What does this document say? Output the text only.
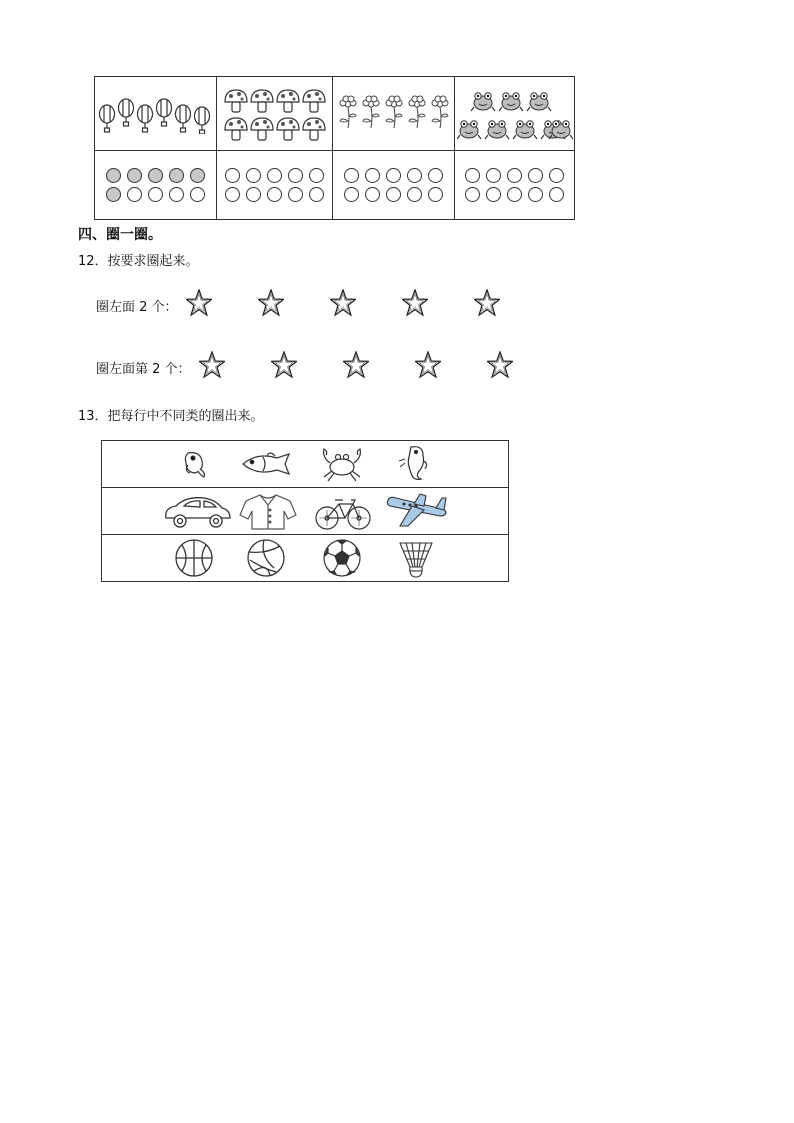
四、圈一圈。
12．按要求圈起来。
圈左面 2 个：
圈左面第 2 个：
13．把每行中不同类的圈出来。
